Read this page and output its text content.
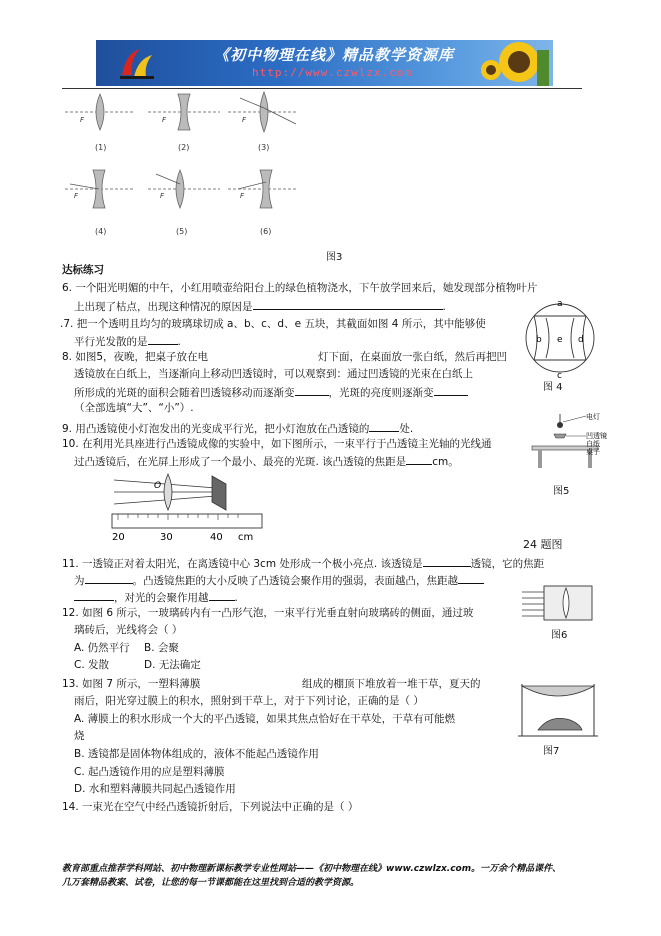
《初中物理在线》精品教学资源库
http://www.czwlzx.com
(1)	(2)	(3)
(4)	(5)	(6)
F	F	F
F	F	F
图3
达标练习
6. 一个阳光明媚的中午，小红用喷壶给阳台上的绿色植物浇水，下午放学回来后，她发现部分植物叶片
上出现了枯点，出现这种情况的原因是	.
.7. 把一个透明且均匀的玻璃球切成 a、b、c、d、e 五块，其截面如图 4 所示，其中能够使
平行光发散的是	.
8. 如图5，夜晚，把桌子放在电	灯下面，在桌面放一张白纸，然后再把凹
透镜放在白纸上，当逐渐向上移动凹透镜时，可以观察到：通过凹透镜的光束在白纸上
所形成的光斑的面积会随着凹透镜移动而逐渐变	，光斑的亮度则逐渐变
（全部选填“大”、“小”）.
a
b e d
c
图 4
9. 用凸透镜使小灯泡发出的光变成平行光，把小灯泡放在凸透镜的	处.
10. 在利用光具座进行凸透镜成像的实验中，如下图所示，一束平行于凸透镜主光轴的光线通
过凸透镜后，在光屏上形成了一个最小、最亮的光斑. 该凸透镜的焦距是 cm。
电灯
凹透镜
白纸
桌子
图5
O
20	30	40 cm
24 题图
11. 一透镜正对着太阳光，在离透镜中心 3cm 处形成一个极小亮点. 该透镜是	透镜，它的焦距
为	。凸透镜焦距的大小反映了凸透镜会聚作用的强弱，表面越凸，焦距越
，对光的会聚作用越 .
12. 如图 6 所示，一玻璃砖内有一凸形气泡，一束平行光垂直射向玻璃砖的侧面，通过玻
璃砖后，光线将会（ ）
A. 仍然平行 B. 会聚
C. 发散	D. 无法确定
图6
13. 如图 7 所示，一塑料薄膜	组成的棚顶下堆放着一堆干草，夏天的
雨后，阳光穿过膜上的积水，照射到干草上，对于下列讨论，正确的是（ ）
A. 薄膜上的积水形成一个大的平凸透镜，如果其焦点恰好在干草处，干草有可能燃
烧
B. 透镜都是固体物体组成的，液体不能起凸透镜作用
C. 起凸透镜作用的应是塑料薄膜
D. 水和塑料薄膜共同起凸透镜作用
图7
14. 一束光在空气中经凸透镜折射后，下列说法中正确的是（ ）
教育部重点推荐学科网站、初中物理新课标教学专业性网站——《初中物理在线》www.czwlzx.com。一万余个精品课件、
几万套精品教案、试卷，让您的每一节课都能在这里找到合适的教学资源。
